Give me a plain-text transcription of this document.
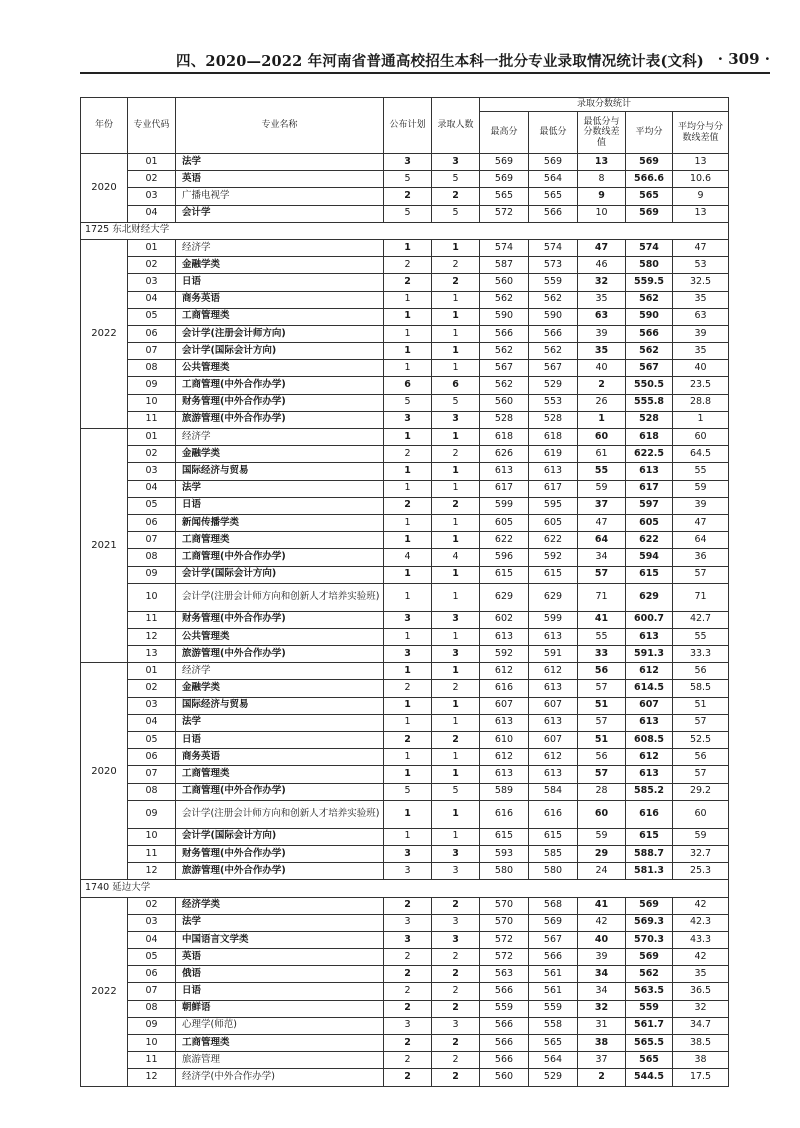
四、2020—2022 年河南省普通高校招生本科一批分专业录取情况统计表(文科) · 309 ·
年份	专业代码	专业名称	公布计划	录取人数	录取分数统计				
					最高分	最低分	最低分与分数线差值	平均分	平均分与分数线差值
2020	01	法学	3	3	569	569	13	569	13
	02	英语	5	5	569	564	8	566.6	10.6
	03	广播电视学	2	2	565	565	9	565	9
	04	会计学	5	5	572	566	10	569	13
1725 东北财经大学									
2022	01	经济学	1	1	574	574	47	574	47
	02	金融学类	2	2	587	573	46	580	53
	03	日语	2	2	560	559	32	559.5	32.5
	04	商务英语	1	1	562	562	35	562	35
	05	工商管理类	1	1	590	590	63	590	63
	06	会计学(注册会计师方向)	1	1	566	566	39	566	39
	07	会计学(国际会计方向)	1	1	562	562	35	562	35
	08	公共管理类	1	1	567	567	40	567	40
	09	工商管理(中外合作办学)	6	6	562	529	2	550.5	23.5
	10	财务管理(中外合作办学)	5	5	560	553	26	555.8	28.8
	11	旅游管理(中外合作办学)	3	3	528	528	1	528	1
2021	01	经济学	1	1	618	618	60	618	60
	02	金融学类	2	2	626	619	61	622.5	64.5
	03	国际经济与贸易	1	1	613	613	55	613	55
	04	法学	1	1	617	617	59	617	59
	05	日语	2	2	599	595	37	597	39
	06	新闻传播学类	1	1	605	605	47	605	47
	07	工商管理类	1	1	622	622	64	622	64
	08	工商管理(中外合作办学)	4	4	596	592	34	594	36
	09	会计学(国际会计方向)	1	1	615	615	57	615	57
	10	会计学(注册会计师方向和创新人才培养实验班)	1	1	629	629	71	629	71
	11	财务管理(中外合作办学)	3	3	602	599	41	600.7	42.7
	12	公共管理类	1	1	613	613	55	613	55
	13	旅游管理(中外合作办学)	3	3	592	591	33	591.3	33.3
2020	01	经济学	1	1	612	612	56	612	56
	02	金融学类	2	2	616	613	57	614.5	58.5
	03	国际经济与贸易	1	1	607	607	51	607	51
	04	法学	1	1	613	613	57	613	57
	05	日语	2	2	610	607	51	608.5	52.5
	06	商务英语	1	1	612	612	56	612	56
	07	工商管理类	1	1	613	613	57	613	57
	08	工商管理(中外合作办学)	5	5	589	584	28	585.2	29.2
	09	会计学(注册会计师方向和创新人才培养实验班)	1	1	616	616	60	616	60
	10	会计学(国际会计方向)	1	1	615	615	59	615	59
	11	财务管理(中外合作办学)	3	3	593	585	29	588.7	32.7
	12	旅游管理(中外合作办学)	3	3	580	580	24	581.3	25.3
1740 延边大学									
2022	02	经济学类	2	2	570	568	41	569	42
	03	法学	3	3	570	569	42	569.3	42.3
	04	中国语言文学类	3	3	572	567	40	570.3	43.3
	05	英语	2	2	572	566	39	569	42
	06	俄语	2	2	563	561	34	562	35
	07	日语	2	2	566	561	34	563.5	36.5
	08	朝鲜语	2	2	559	559	32	559	32
	09	心理学(师范)	3	3	566	558	31	561.7	34.7
	10	工商管理类	2	2	566	565	38	565.5	38.5
	11	旅游管理	2	2	566	564	37	565	38
	12	经济学(中外合作办学)	2	2	560	529	2	544.5	17.5
